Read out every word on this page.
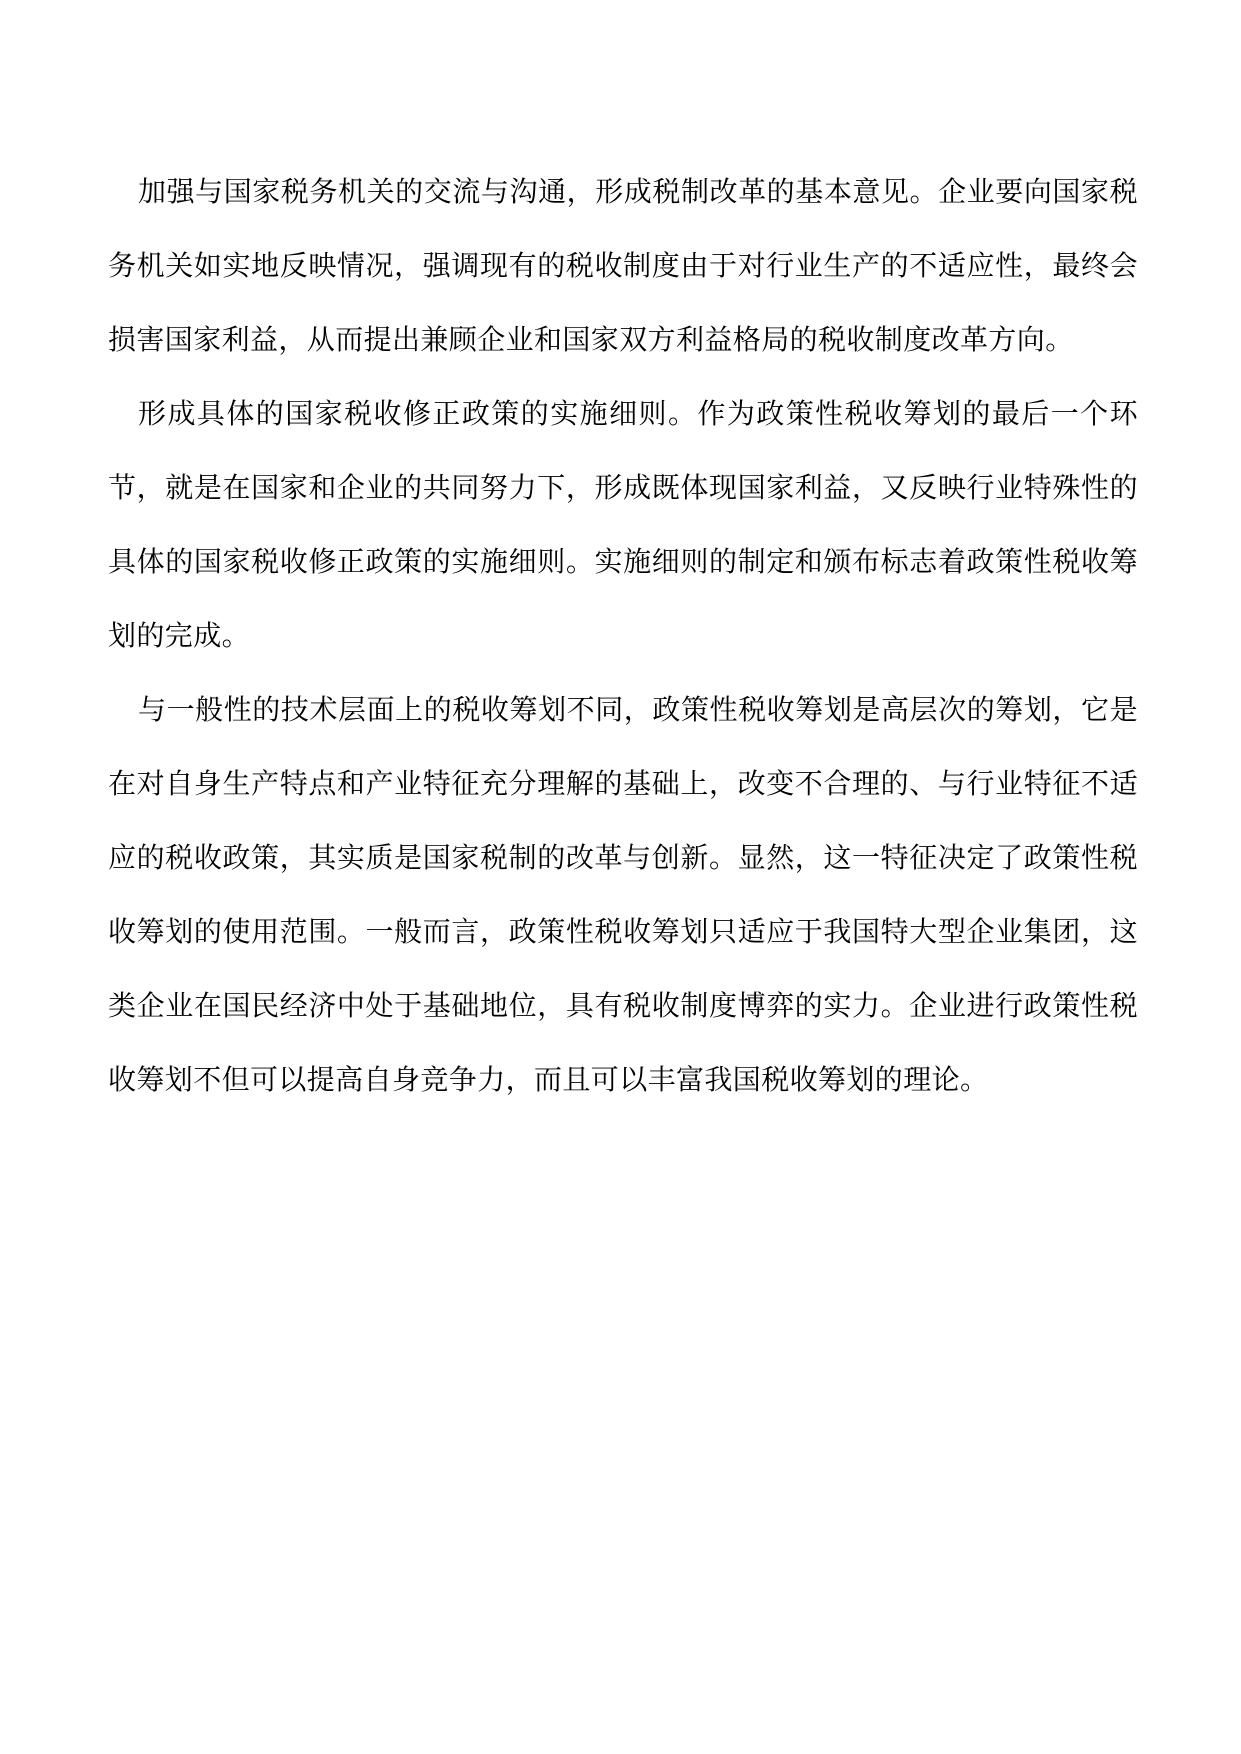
加强与国家税务机关的交流与沟通，形成税制改革的基本意见。企业要向国家税务机关如实地反映情况，强调现有的税收制度由于对行业生产的不适应性，最终会损害国家利益，从而提出兼顾企业和国家双方利益格局的税收制度改革方向。

形成具体的国家税收修正政策的实施细则。作为政策性税收筹划的最后一个环节，就是在国家和企业的共同努力下，形成既体现国家利益，又反映行业特殊性的具体的国家税收修正政策的实施细则。实施细则的制定和颁布标志着政策性税收筹划的完成。

与一般性的技术层面上的税收筹划不同，政策性税收筹划是高层次的筹划，它是在对自身生产特点和产业特征充分理解的基础上，改变不合理的、与行业特征不适应的税收政策，其实质是国家税制的改革与创新。显然，这一特征决定了政策性税收筹划的使用范围。一般而言，政策性税收筹划只适应于我国特大型企业集团，这类企业在国民经济中处于基础地位，具有税收制度博弈的实力。企业进行政策性税收筹划不但可以提高自身竞争力，而且可以丰富我国税收筹划的理论。
